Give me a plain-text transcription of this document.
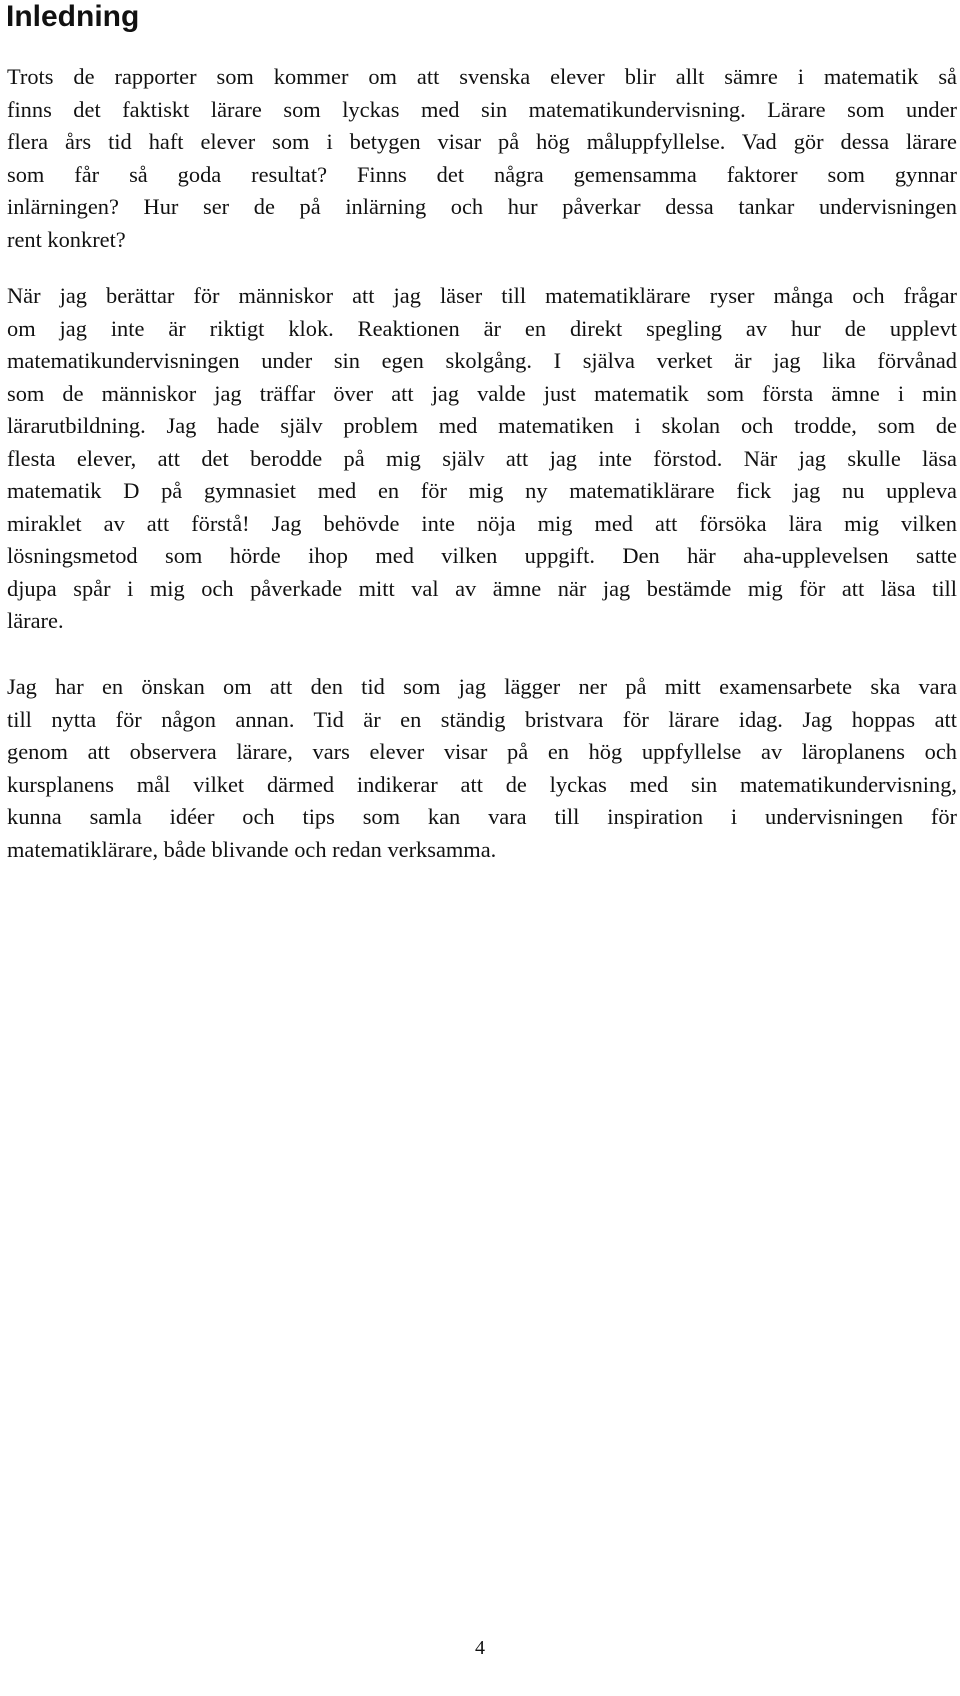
Inledning
Trots de rapporter som kommer om att svenska elever blir allt sämre i matematik så
finns det faktiskt lärare som lyckas med sin matematikundervisning. Lärare som under
flera års tid haft elever som i betygen visar på hög måluppfyllelse. Vad gör dessa lärare
som får så goda resultat? Finns det några gemensamma faktorer som gynnar
inlärningen? Hur ser de på inlärning och hur påverkar dessa tankar undervisningen
rent konkret?
När jag berättar för människor att jag läser till matematiklärare ryser många och frågar
om jag inte är riktigt klok. Reaktionen är en direkt spegling av hur de upplevt
matematikundervisningen under sin egen skolgång. I själva verket är jag lika förvånad
som de människor jag träffar över att jag valde just matematik som första ämne i min
lärarutbildning. Jag hade själv problem med matematiken i skolan och trodde, som de
flesta elever, att det berodde på mig själv att jag inte förstod. När jag skulle läsa
matematik D på gymnasiet med en för mig ny matematiklärare fick jag nu uppleva
miraklet av att förstå! Jag behövde inte nöja mig med att försöka lära mig vilken
lösningsmetod som hörde ihop med vilken uppgift. Den här aha-upplevelsen satte
djupa spår i mig och påverkade mitt val av ämne när jag bestämde mig för att läsa till
lärare.
Jag har en önskan om att den tid som jag lägger ner på mitt examensarbete ska vara
till nytta för någon annan. Tid är en ständig bristvara för lärare idag. Jag hoppas att
genom att observera lärare, vars elever visar på en hög uppfyllelse av läroplanens och
kursplanens mål vilket därmed indikerar att de lyckas med sin matematikundervisning,
kunna samla idéer och tips som kan vara till inspiration i undervisningen för
matematiklärare, både blivande och redan verksamma.
4
